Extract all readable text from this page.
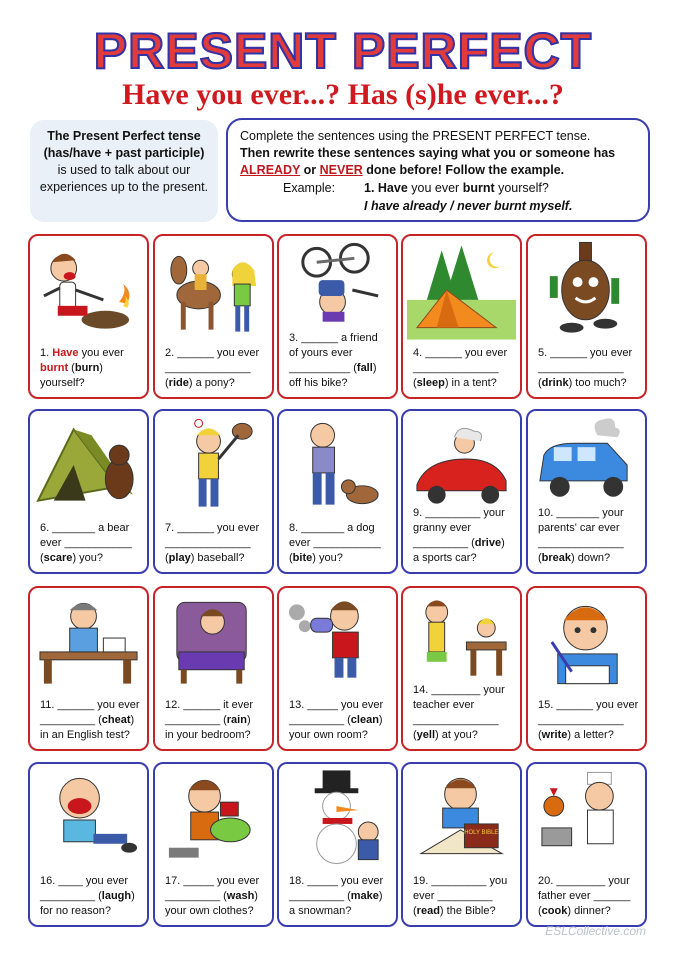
PRESENT PERFECT
Have you ever...? Has (s)he ever...?
The Present Perfect tense
(has/have + past participle)
is used to talk about our experiences up to the present.
Complete the sentences using the PRESENT PERFECT tense.
Then rewrite these sentences saying what you or someone has
ALREADY or NEVER done before! Follow the example.
Example:	1. Have you ever burnt yourself?
I have already / never burnt myself.
1. Have you ever
burnt (burn)
yourself?
2. ______ you ever
______________
(ride) a pony?
3. ______ a friend
of yours ever
__________ (fall)
off his bike?
4. ______ you ever
______________
(sleep) in a tent?
5. ______ you ever
______________
(drink) too much?
6. _______ a bear
ever ___________
(scare) you?
7. ______ you ever
______________
(play) baseball?
8. _______ a dog
ever ___________
(bite) you?
9. _________ your
granny ever
_________ (drive)
a sports car?
10. _______ your
parents' car ever
______________
(break) down?
11. ______ you ever
_________ (cheat)
in an English test?
12. ______ it ever
_________ (rain)
in your bedroom?
13. _____ you ever
_________ (clean)
your own room?
14. ________ your
teacher ever
______________
(yell) at you?
15. ______ you ever
______________
(write) a letter?
16. ____ you ever
_________ (laugh)
for no reason?
17. _____ you ever
_________ (wash)
your own clothes?
18. _____ you ever
_________ (make)
a snowman?
HOLY BIBLE
19. _________ you
ever _________
(read) the Bible?
20. ________ your
father ever ______
(cook) dinner?
ESLCollective.com
